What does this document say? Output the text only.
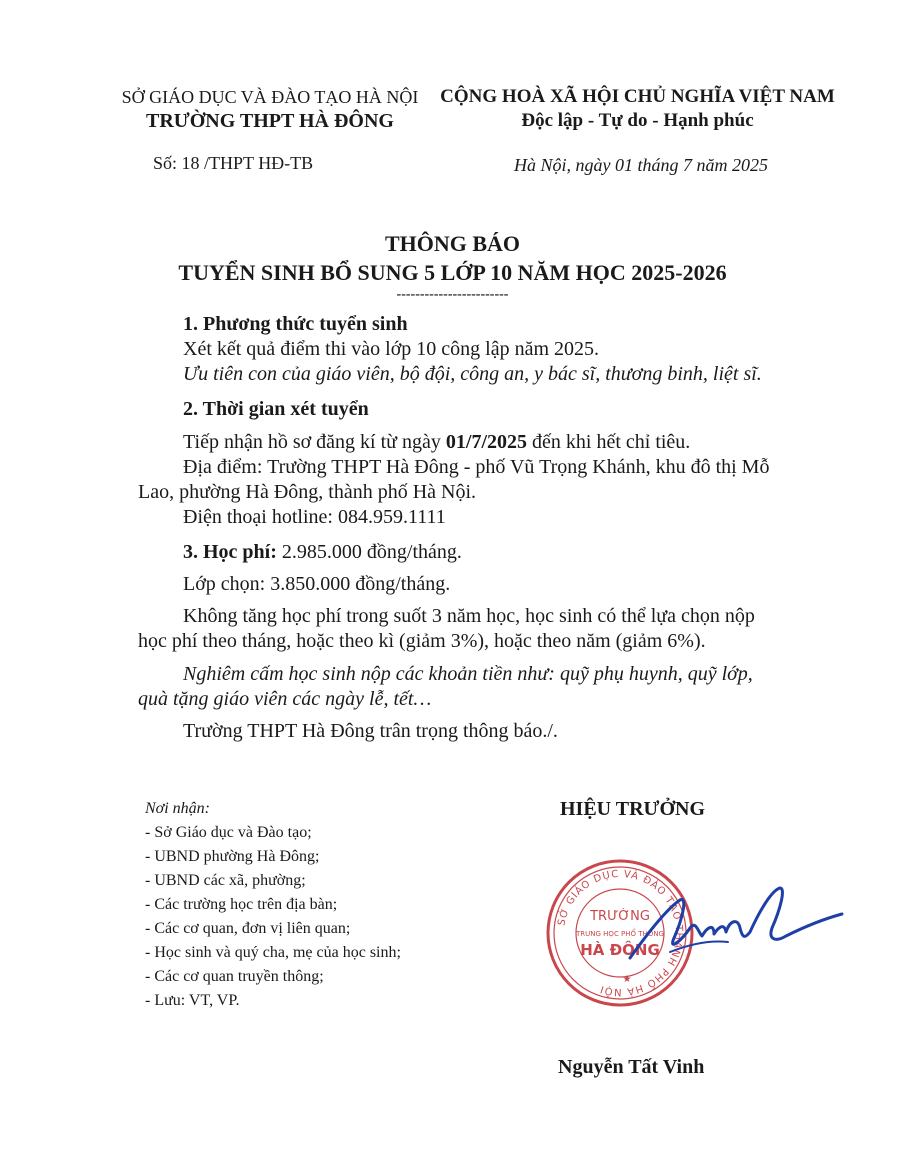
SỞ GIÁO DỤC VÀ ĐÀO TẠO HÀ NỘI
TRƯỜNG THPT HÀ ĐÔNG
CỘNG HOÀ XÃ HỘI CHỦ NGHĨA VIỆT NAM
Độc lập - Tự do - Hạnh phúc
Số: 18 /THPT HĐ-TB	Hà Nội, ngày 01 tháng 7 năm 2025
THÔNG BÁO
TUYỂN SINH BỔ SUNG 5 LỚP 10 NĂM HỌC 2025-2026
------------------------
1. Phương thức tuyển sinh
Xét kết quả điểm thi vào lớp 10 công lập năm 2025.
Ưu tiên con của giáo viên, bộ đội, công an, y bác sĩ, thương binh, liệt sĩ.
2. Thời gian xét tuyển
Tiếp nhận hồ sơ đăng kí từ ngày 01/7/2025 đến khi hết chỉ tiêu.
Địa điểm: Trường THPT Hà Đông - phố Vũ Trọng Khánh, khu đô thị Mỗ
Lao, phường Hà Đông, thành phố Hà Nội.
Điện thoại hotline: 084.959.1111
3. Học phí: 2.985.000 đồng/tháng.
Lớp chọn: 3.850.000 đồng/tháng.
Không tăng học phí trong suốt 3 năm học, học sinh có thể lựa chọn nộp
học phí theo tháng, hoặc theo kì (giảm 3%), hoặc theo năm (giảm 6%).
Nghiêm cấm học sinh nộp các khoản tiền như: quỹ phụ huynh, quỹ lớp,
quà tặng giáo viên các ngày lễ, tết…
Trường THPT Hà Đông trân trọng thông báo./.
Nơi nhận:
- Sở Giáo dục và Đào tạo;
- UBND phường Hà Đông;
- UBND các xã, phường;
- Các trường học trên địa bàn;
- Các cơ quan, đơn vị liên quan;
- Học sinh và quý cha, mẹ của học sinh;
- Các cơ quan truyền thông;
- Lưu: VT, VP.
HIỆU TRƯỞNG
SỞ GIÁO DỤC VÀ ĐÀO TẠO THÀNH PHỐ HÀ NỘI
TRƯỜNG
TRUNG HỌC PHỔ THÔNG
HÀ ĐÔNG
★
Nguyễn Tất Vinh
